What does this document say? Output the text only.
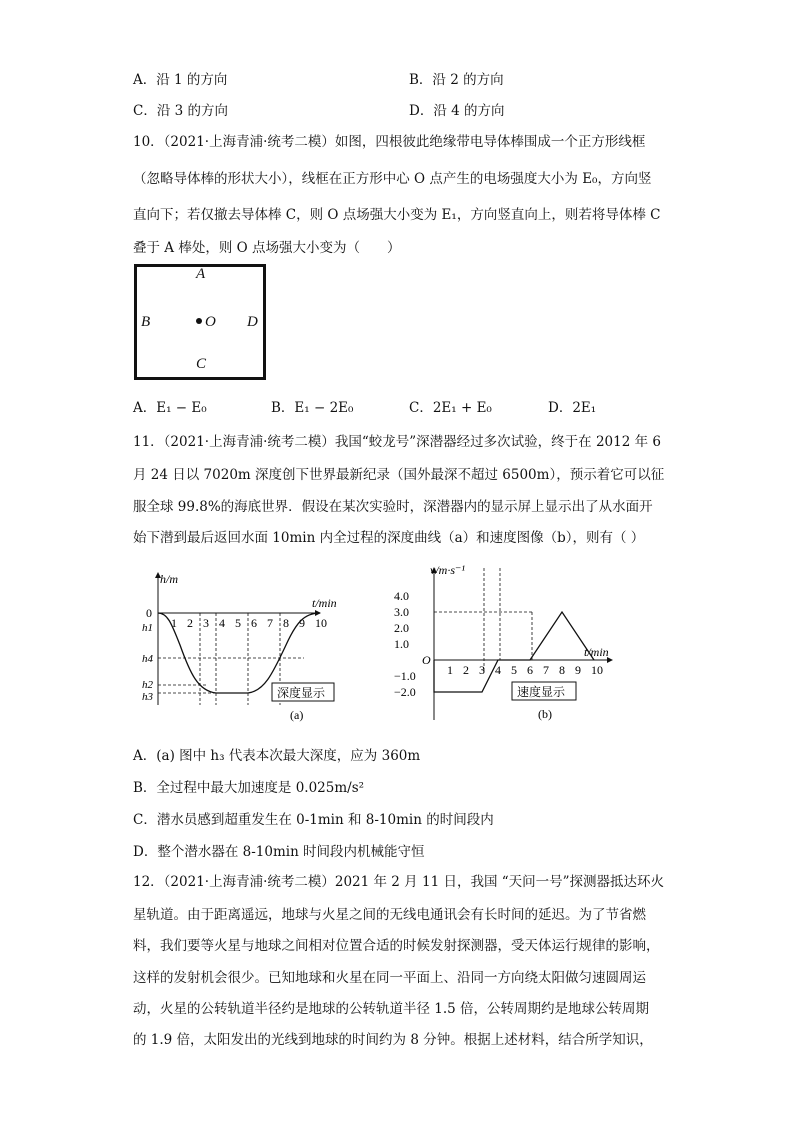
A．沿 1 的方向	B．沿 2 的方向
C．沿 3 的方向	D．沿 4 的方向
10．（2021·上海青浦·统考二模）如图，四根彼此绝缘带电导体棒围成一个正方形线框
（忽略导体棒的形状大小），线框在正方形中心 O 点产生的电场强度大小为 E₀，方向竖
直向下；若仅撤去导体棒 C，则 O 点场强大小变为 E₁，方向竖直向上，则若将导体棒 C
叠于 A 棒处，则 O 点场强大小变为（　　）
A
B
C
D
O
A．E₁ − E₀	B．E₁ − 2E₀	C．2E₁ + E₀	D．2E₁
11．（2021·上海青浦·统考二模）我国“蛟龙号”深潜器经过多次试验，终于在 2012 年 6
月 24 日以 7020m 深度创下世界最新纪录（国外最深不超过 6500m），预示着它可以征
服全球 99.8%的海底世界．假设在某次实验时，深潜器内的显示屏上显示出了从水面开
始下潜到最后返回水面 10min 内全过程的深度曲线（a）和速度图像（b），则有（ ）
h/m
t/min
0
1 2 3 4 5 6 7 8 9 10
h1
h4
h2
h3	深度显示
(a)
v/m·s⁻¹
t/min
O
4.0
3.0
2.0
1.0
−1.0
−2.0
1 2 3 4 5 6 7 8 9 10
速度显示
(b)
A．(a) 图中 h₃ 代表本次最大深度，应为 360m
B．全过程中最大加速度是 0.025m/s²
C．潜水员感到超重发生在 0-1min 和 8-10min 的时间段内
D．整个潜水器在 8-10min 时间段内机械能守恒
12．（2021·上海青浦·统考二模）2021 年 2 月 11 日，我国 “天问一号”探测器抵达环火
星轨道。由于距离遥远，地球与火星之间的无线电通讯会有长时间的延迟。为了节省燃
料，我们要等火星与地球之间相对位置合适的时候发射探测器，受天体运行规律的影响，
这样的发射机会很少。已知地球和火星在同一平面上、沿同一方向绕太阳做匀速圆周运
动，火星的公转轨道半径约是地球的公转轨道半径 1.5 倍，公转周期约是地球公转周期
的 1.9 倍，太阳发出的光线到地球的时间约为 8 分钟。根据上述材料，结合所学知识，
